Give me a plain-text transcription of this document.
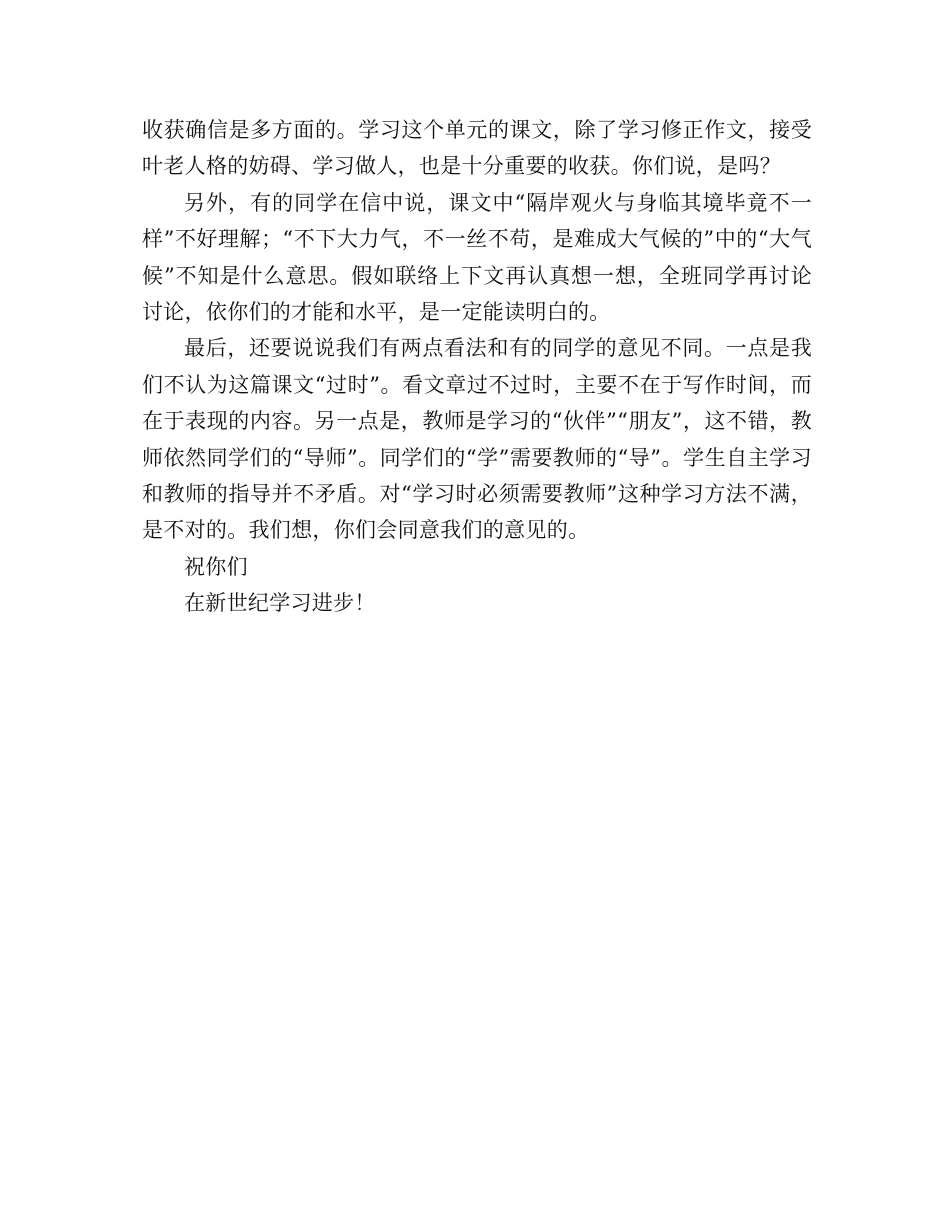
收获确信是多方面的。学习这个单元的课文，除了学习修正作文，接受叶老人格的妨碍、学习做人，也是十分重要的收获。你们说，是吗？

另外，有的同学在信中说，课文中“隔岸观火与身临其境毕竟不一样”不好理解；“不下大力气，不一丝不苟，是难成大气候的”中的“大气候”不知是什么意思。假如联络上下文再认真想一想，全班同学再讨论讨论，依你们的才能和水平，是一定能读明白的。

最后，还要说说我们有两点看法和有的同学的意见不同。一点是我们不认为这篇课文“过时”。看文章过不过时，主要不在于写作时间，而在于表现的内容。另一点是，教师是学习的“伙伴”“朋友”，这不错，教师依然同学们的“导师”。同学们的“学”需要教师的“导”。学生自主学习和教师的指导并不矛盾。对“学习时必须需要教师”这种学习方法不满，是不对的。我们想，你们会同意我们的意见的。

祝你们

在新世纪学习进步！
